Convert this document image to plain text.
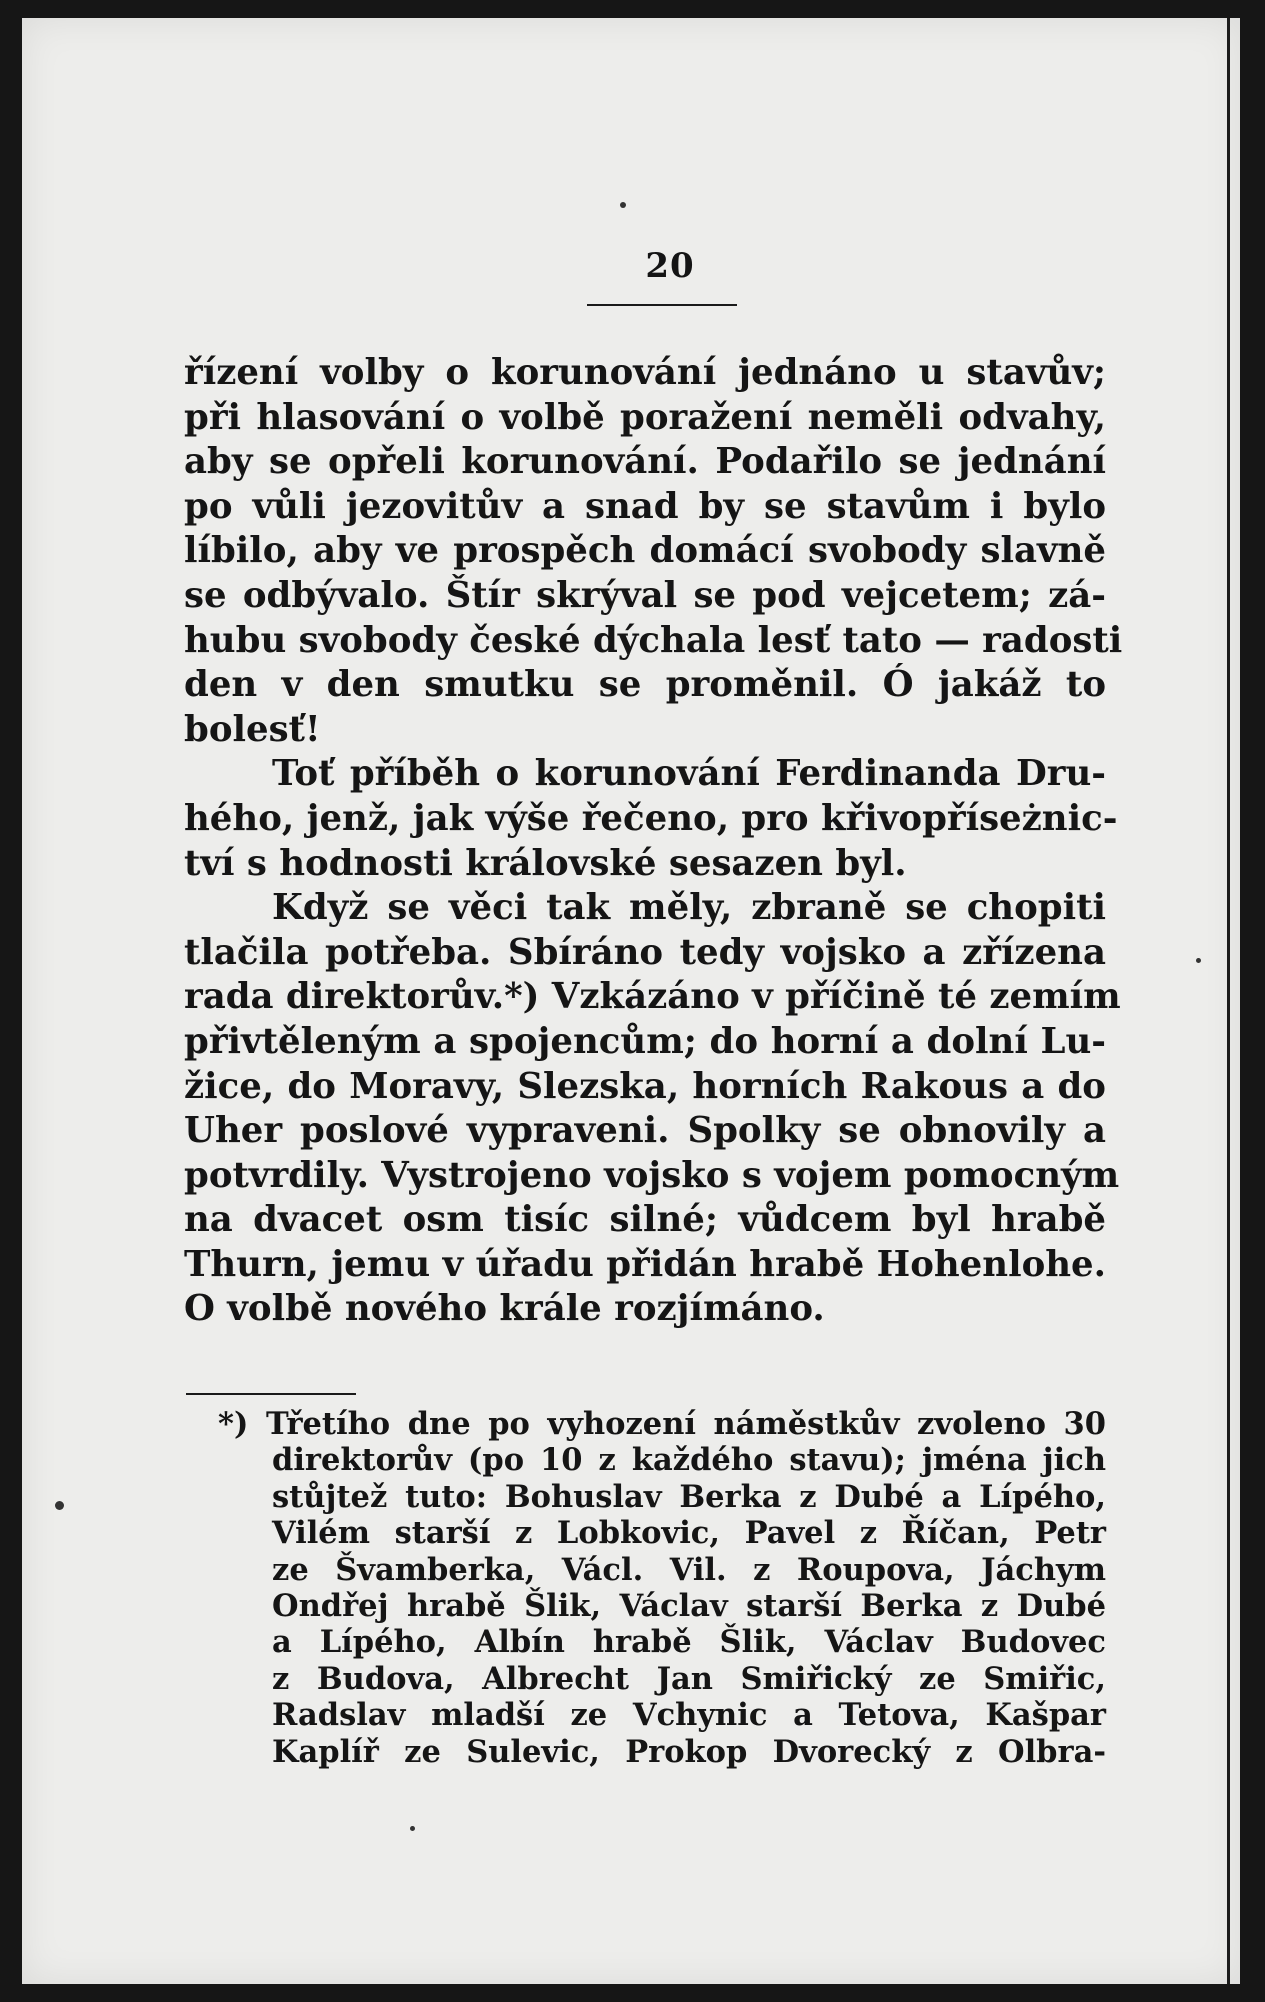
20
řízení volby o korunování jednáno u stavův;
při hlasování o volbě poražení neměli odvahy,
aby se opřeli korunování. Podařilo se jednání
po vůli jezovitův a snad by se stavům i bylo
líbilo, aby ve prospěch domácí svobody slavně
se odbývalo. Štír skrýval se pod vejcetem; zá-
hubu svobody české dýchala lesť tato — radosti
den v den smutku se proměnil. Ó jakáž to
bolesť!
Toť příběh o korunování Ferdinanda Dru-
hého, jenž, jak výše řečeno, pro křivopříseżnic-
tví s hodnosti královské sesazen byl.
Když se věci tak měly, zbraně se chopiti
tlačila potřeba. Sbíráno tedy vojsko a zřízena
rada direktorův.*) Vzkázáno v příčině té zemím
přivtěleným a spojencům; do horní a dolní Lu-
žice, do Moravy, Slezska, horních Rakous a do
Uher poslové vypraveni. Spolky se obnovily a
potvrdily. Vystrojeno vojsko s vojem pomocným
na dvacet osm tisíc silné; vůdcem byl hrabě
Thurn, jemu v úřadu přidán hrabě Hohenlohe.
O volbě nového krále rozjímáno.
*) Třetího dne po vyhození náměstkův zvoleno 30
direktorův (po 10 z každého stavu); jména jich
stůjtež tuto: Bohuslav Berka z Dubé a Lípého,
Vilém starší z Lobkovic, Pavel z Říčan, Petr
ze Švamberka, Václ. Vil. z Roupova, Jáchym
Ondřej hrabě Šlik, Václav starší Berka z Dubé
a Lípého, Albín hrabě Šlik, Václav Budovec
z Budova, Albrecht Jan Smiřický ze Smiřic,
Radslav mladší ze Vchynic a Tetova, Kašpar
Kaplíř ze Sulevic, Prokop Dvorecký z Olbra-
